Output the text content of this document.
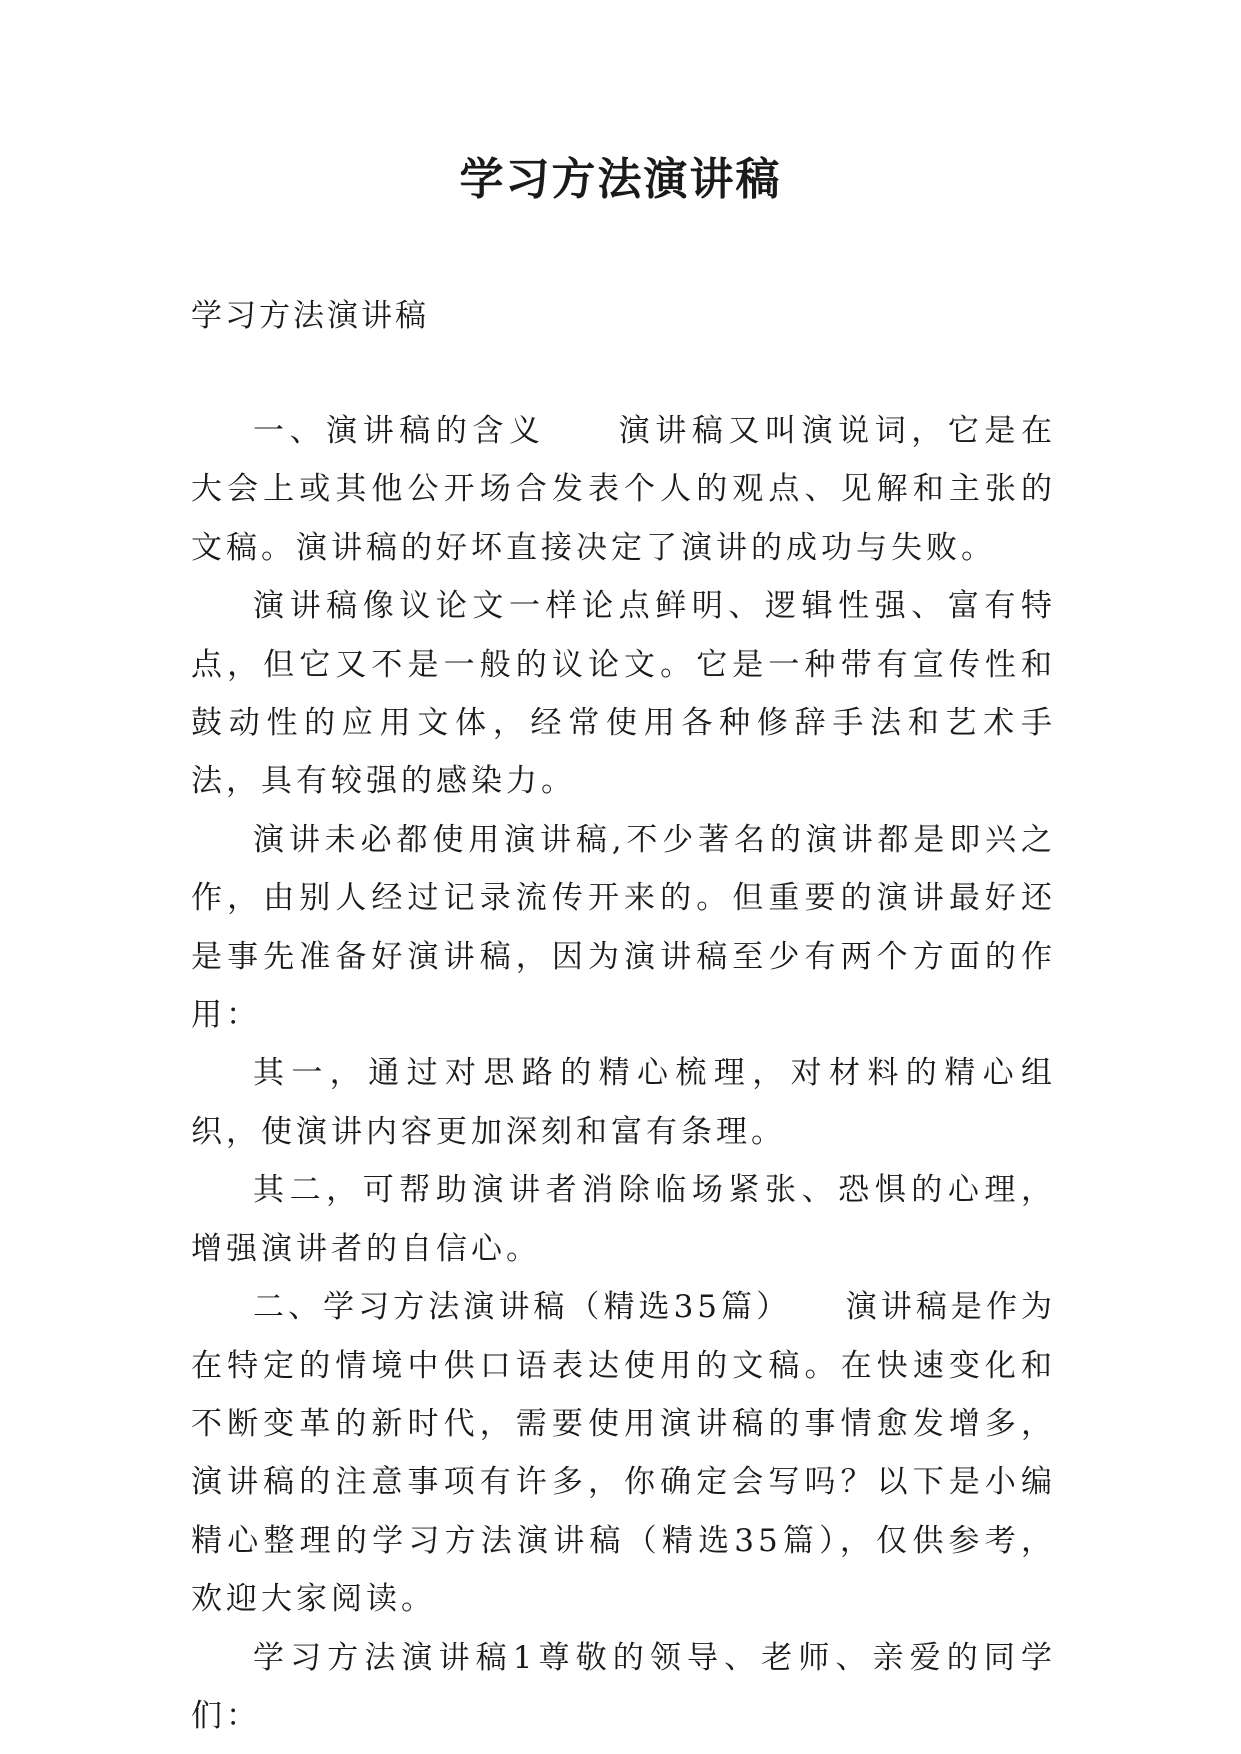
学习方法演讲稿

学习方法演讲稿

一、演讲稿的含义　　演讲稿又叫演说词，它是在大会上或其他公开场合发表个人的观点、见解和主张的文稿。演讲稿的好坏直接决定了演讲的成功与失败。

演讲稿像议论文一样论点鲜明、逻辑性强、富有特点，但它又不是一般的议论文。它是一种带有宣传性和鼓动性的应用文体，经常使用各种修辞手法和艺术手法，具有较强的感染力。

演讲未必都使用演讲稿,不少著名的演讲都是即兴之作，由别人经过记录流传开来的。但重要的演讲最好还是事先准备好演讲稿，因为演讲稿至少有两个方面的作用：

其一，通过对思路的精心梳理，对材料的精心组织，使演讲内容更加深刻和富有条理。

其二，可帮助演讲者消除临场紧张、恐惧的心理，增强演讲者的自信心。

二、学习方法演讲稿（精选35篇）　　演讲稿是作为在特定的情境中供口语表达使用的文稿。在快速变化和不断变革的新时代，需要使用演讲稿的事情愈发增多，演讲稿的注意事项有许多，你确定会写吗？以下是小编精心整理的学习方法演讲稿（精选35篇），仅供参考，欢迎大家阅读。

学习方法演讲稿1尊敬的领导、老师、亲爱的同学们：
